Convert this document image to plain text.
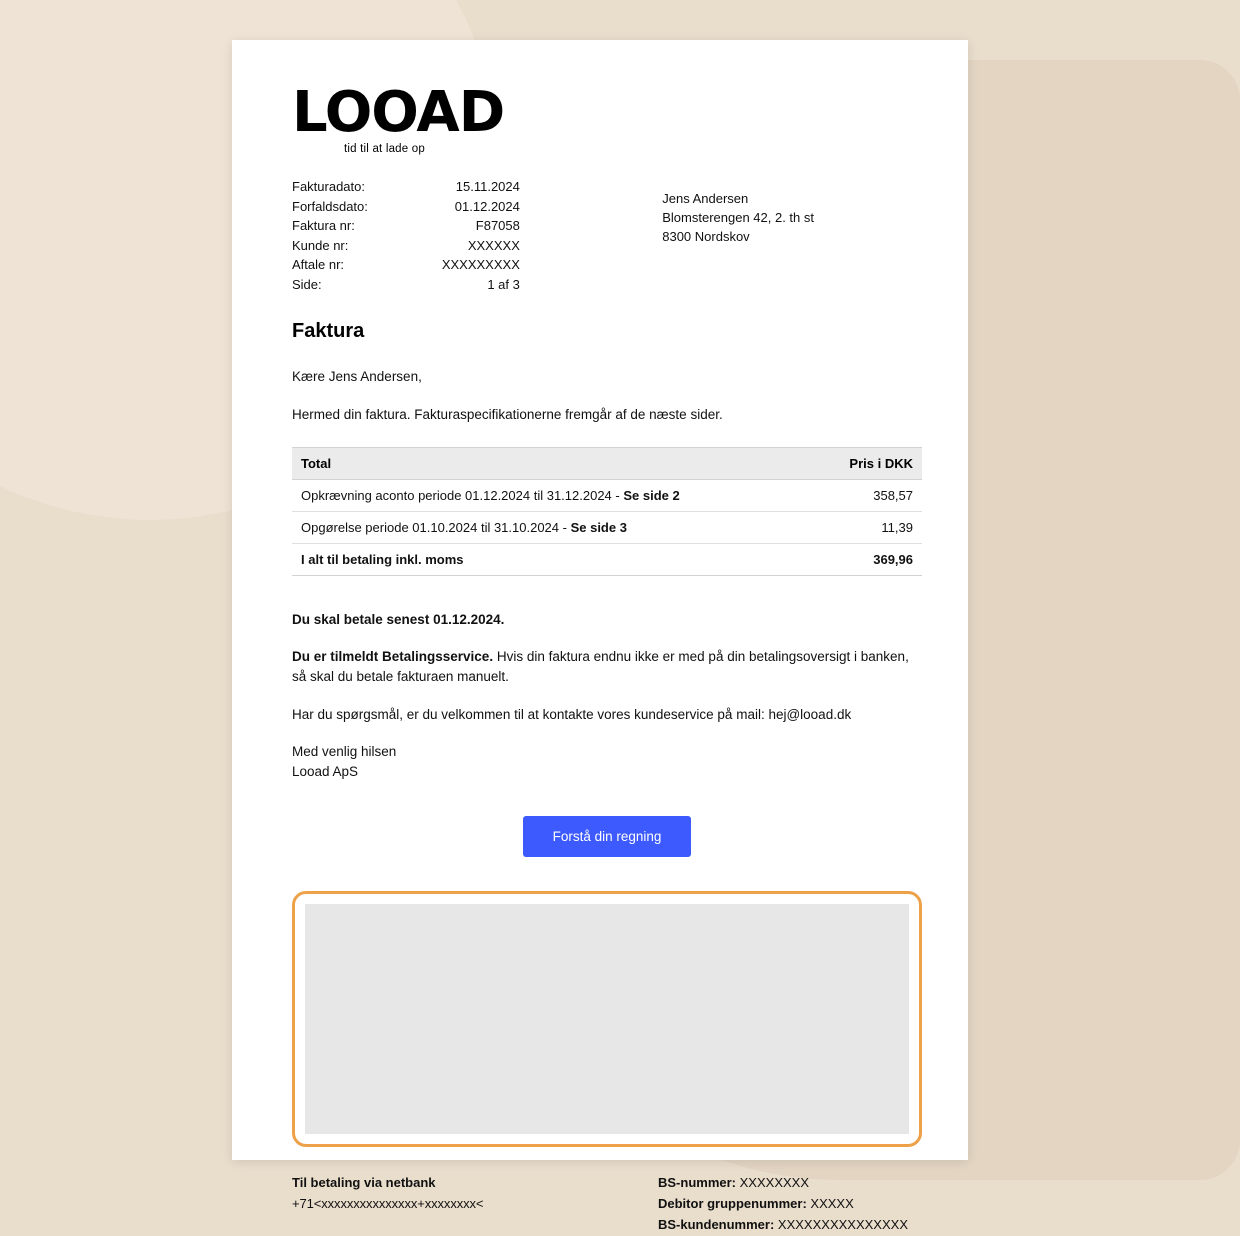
LOOAD
tid til at lade op
Fakturadato:	15.11.2024
Forfaldsdato:	01.12.2024
Faktura nr:	F87058
Kunde nr:	XXXXXX
Aftale nr:	XXXXXXXXX
Side:	1 af 3
Jens Andersen
Blomsterengen 42, 2. th st
8300 Nordskov
Faktura

Kære Jens Andersen,

Hermed din faktura. Fakturaspecifikationerne fremgår af de næste sider.

Total	Pris i DKK
Opkrævning aconto periode 01.12.2024 til 31.12.2024 - Se side 2	358,57
Opgørelse periode 01.10.2024 til 31.10.2024 - Se side 3	11,39
I alt til betaling inkl. moms	369,96

Du skal betale senest 01.12.2024.

Du er tilmeldt Betalingsservice. Hvis din faktura endnu ikke er med på din betalingsoversigt i banken, så skal du betale fakturaen manuelt.

Har du spørgsmål, er du velkommen til at kontakte vores kundeservice på mail: hej@looad.dk

Med venlig hilsen
Looad ApS

Forstå din regning
Til betaling via netbank
+71<xxxxxxxxxxxxxxx+xxxxxxxx<
BS-nummer: XXXXXXXX
Debitor gruppenummer: XXXXX
BS-kundenummer: XXXXXXXXXXXXXXX
